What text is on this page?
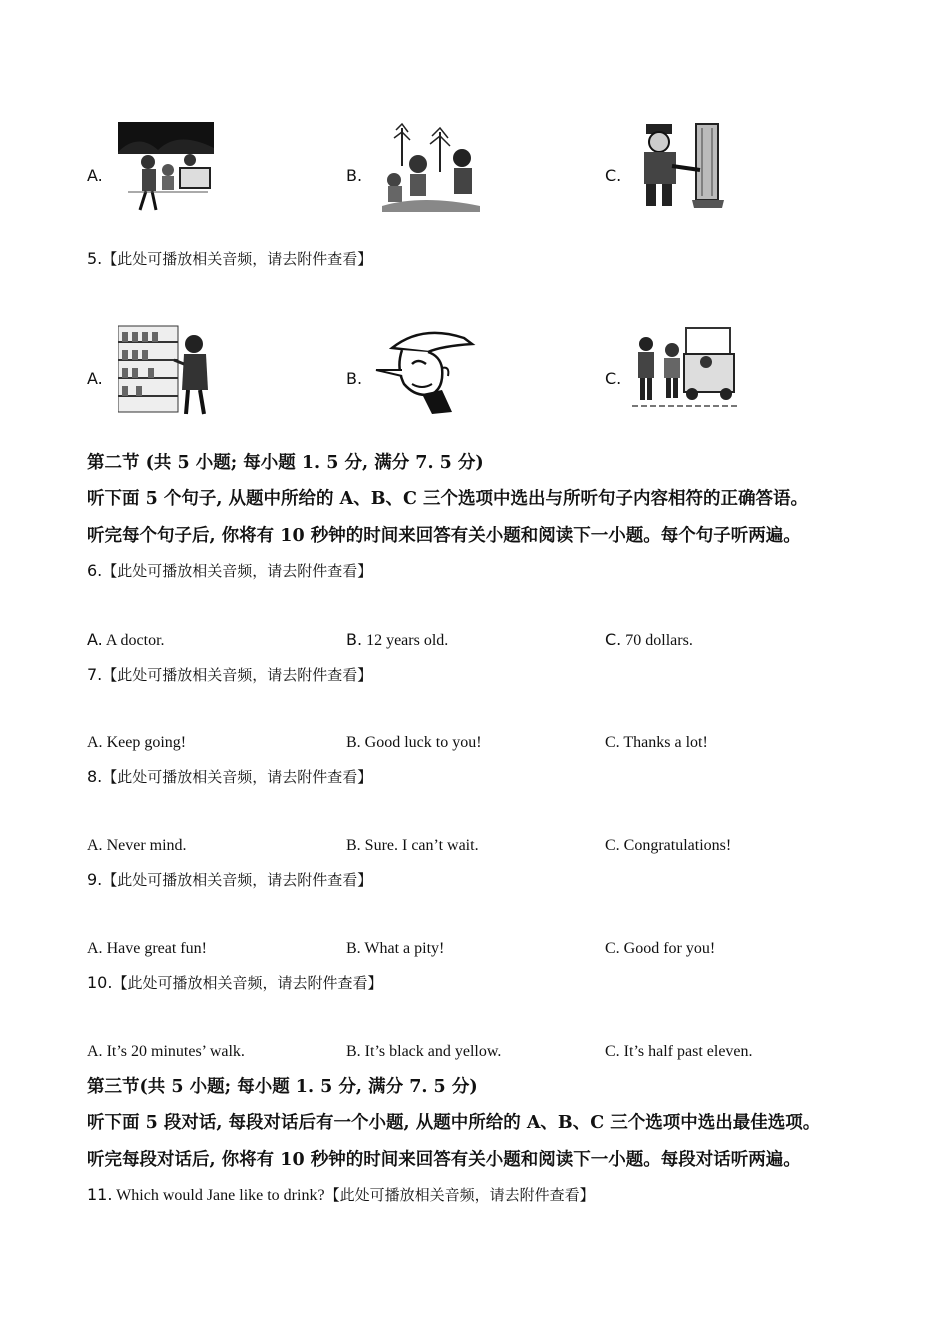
A.	B.	C.
5.【此处可播放相关音频，请去附件查看】
A.	B.	C.
第二节 (共 5 小题; 每小题 1. 5 分, 满分 7. 5 分)
听下面 5 个句子, 从题中所给的 A、B、C 三个选项中选出与所听句子内容相符的正确答语。
听完每个句子后, 你将有 10 秒钟的时间来回答有关小题和阅读下一小题。每个句子听两遍。
6.【此处可播放相关音频，请去附件查看】
A. A doctor.	B. 12 years old.	C. 70 dollars.
7.【此处可播放相关音频，请去附件查看】
A. Keep going!	B. Good luck to you!	C. Thanks a lot!
8.【此处可播放相关音频，请去附件查看】
A. Never mind.	B. Sure. I can’t wait.	C. Congratulations!
9.【此处可播放相关音频，请去附件查看】
A. Have great fun!	B. What a pity!	C. Good for you!
10.【此处可播放相关音频，请去附件查看】
A. It’s 20 minutes’ walk.	B. It’s black and yellow.	C. It’s half past eleven.
第三节(共 5 小题; 每小题 1. 5 分, 满分 7. 5 分)
听下面 5 段对话, 每段对话后有一个小题, 从题中所给的 A、B、C 三个选项中选出最佳选项。
听完每段对话后, 你将有 10 秒钟的时间来回答有关小题和阅读下一小题。每段对话听两遍。
11. Which would Jane like to drink?【此处可播放相关音频，请去附件查看】
